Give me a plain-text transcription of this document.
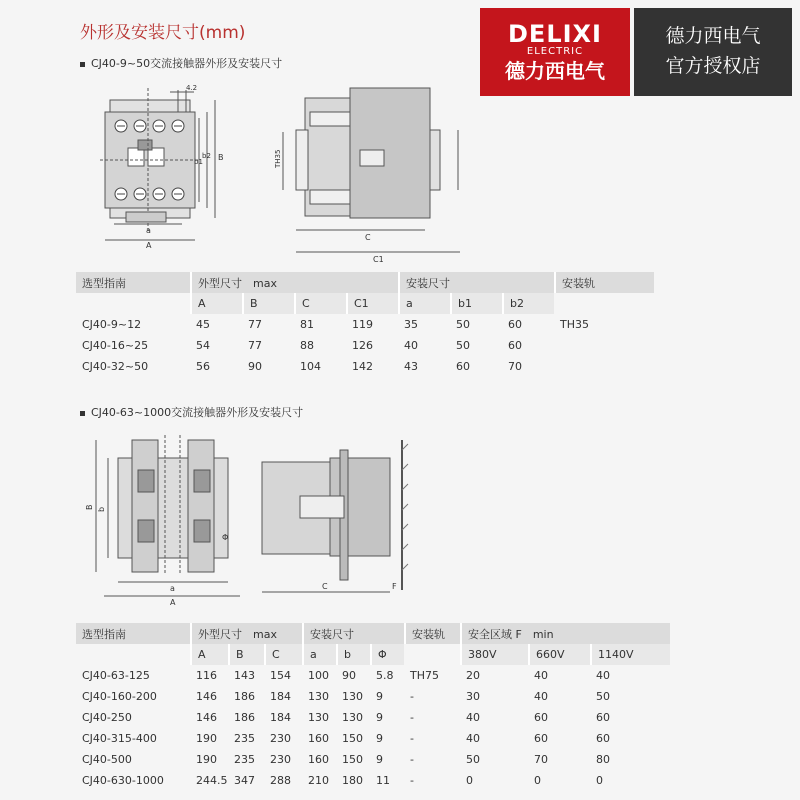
外形及安装尺寸(mm)	DELIXI
ELECTRIC
德力西电气
德力西电气
官方授权店
CJ40-9~50交流接触器外形及安装尺寸
4.2
a
A
b1
b2 B	TH35
C
C1
B b
a
A
Φ
C	F
选型指南	外型尺寸　max				安装尺寸			安装轨
	A	B	C	C1	a	b1	b2	
CJ40-9~12	45	77	81	119	35	50	60	TH35
CJ40-16~25	54	77	88	126	40	50	60	
CJ40-32~50	56	90	104	142	43	60	70	
CJ40-63~1000交流接触器外形及安装尺寸
选型指南	外型尺寸　max			安装尺寸			安装轨	安全区域 F　min		
	A	B	C	a	b	Φ		380V	660V	1140V
CJ40-63-125	116	143	154	100	90	5.8	TH75	20	40	40
CJ40-160-200	146	186	184	130	130	9	-	30	40	50
CJ40-250	146	186	184	130	130	9	-	40	60	60
CJ40-315-400	190	235	230	160	150	9	-	40	60	60
CJ40-500	190	235	230	160	150	9	-	50	70	80
CJ40-630-1000	244.5	347	288	210	180	11	-	0	0	0
